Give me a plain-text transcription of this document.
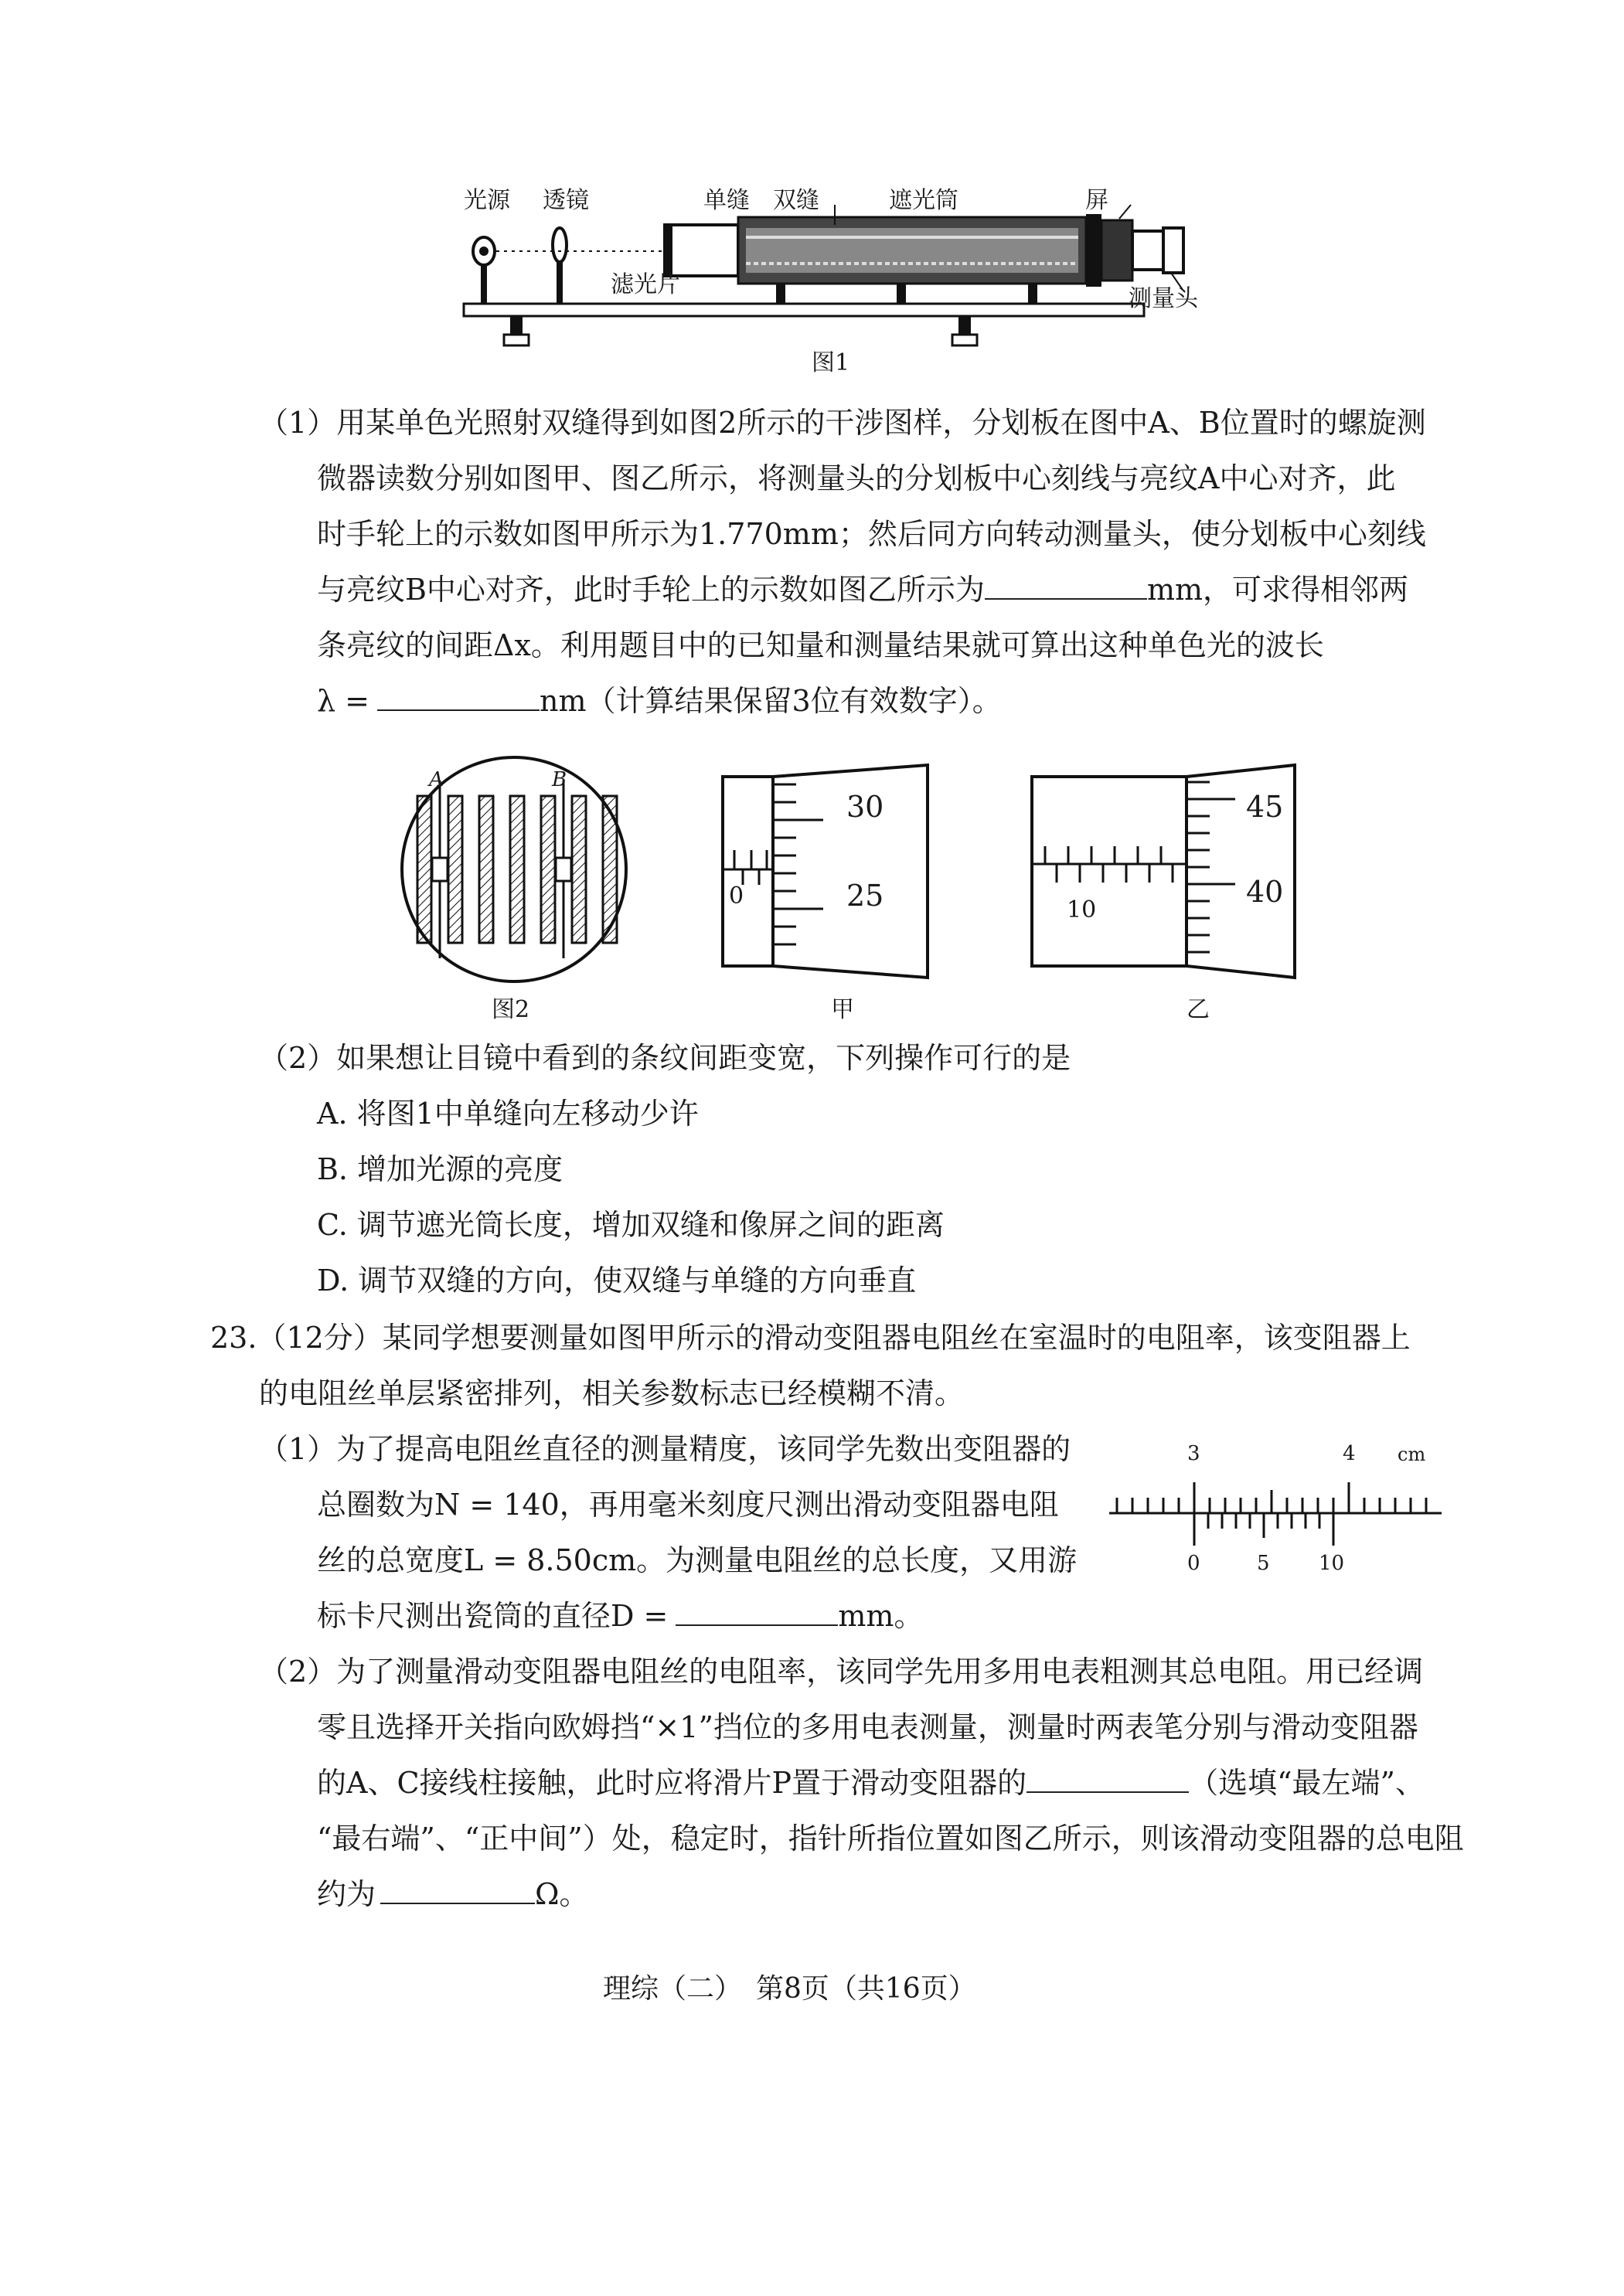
光源 透镜	单缝 双缝	遮光筒	屏
滤光片
测量头
图1
（1）用某单色光照射双缝得到如图2所示的干涉图样，分划板在图中A、B位置时的螺旋测
微器读数分别如图甲、图乙所示，将测量头的分划板中心刻线与亮纹A中心对齐，此
时手轮上的示数如图甲所示为1.770mm；然后同方向转动测量头，使分划板中心刻线
与亮纹B中心对齐，此时手轮上的示数如图乙所示为	mm，可求得相邻两
条亮纹的间距Δx。利用题目中的已知量和测量结果就可算出这种单色光的波长
λ =	nm（计算结果保留3位有效数字）。
A	B
图2
30
25
0
甲
45
40
10
乙
（2）如果想让目镜中看到的条纹间距变宽，下列操作可行的是
A. 将图1中单缝向左移动少许
B. 增加光源的亮度
C. 调节遮光筒长度，增加双缝和像屏之间的距离
D. 调节双缝的方向，使双缝与单缝的方向垂直
23.（12分）某同学想要测量如图甲所示的滑动变阻器电阻丝在室温时的电阻率，该变阻器上
的电阻丝单层紧密排列，相关参数标志已经模糊不清。
（1）为了提高电阻丝直径的测量精度，该同学先数出变阻器的
总圈数为N = 140，再用毫米刻度尺测出滑动变阻器电阻
丝的总宽度L = 8.50cm。为测量电阻丝的总长度，又用游
标卡尺测出瓷筒的直径D =	mm。
3	4 cm
0	5 10
（2）为了测量滑动变阻器电阻丝的电阻率，该同学先用多用电表粗测其总电阻。用已经调
零且选择开关指向欧姆挡“×1”挡位的多用电表测量，测量时两表笔分别与滑动变阻器
的A、C接线柱接触，此时应将滑片P置于滑动变阻器的	（选填“最左端”、
“最右端”、“正中间”）处，稳定时，指针所指位置如图乙所示，则该滑动变阻器的总电阻
约为	Ω。
理综（二）　第8页（共16页）
